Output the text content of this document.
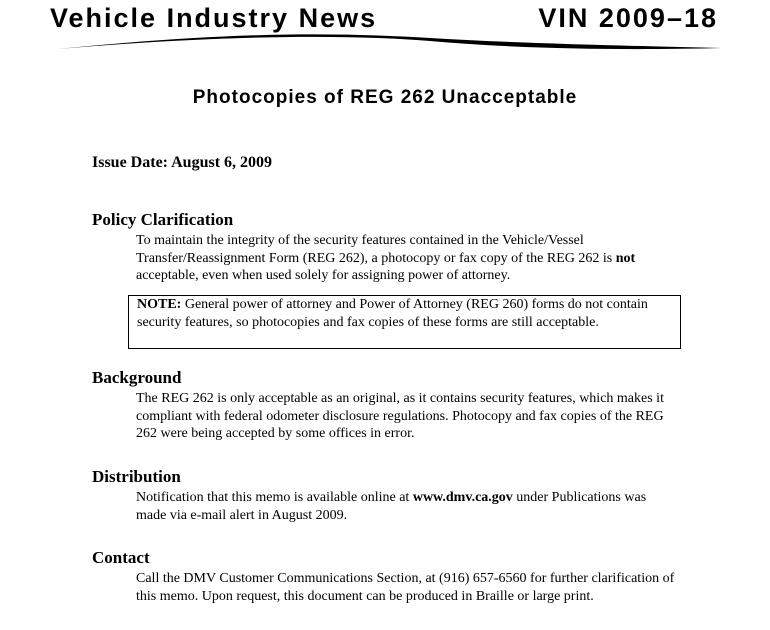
Vehicle Industry News	VIN 2009–18
Photocopies of REG 262 Unacceptable
Issue Date: August 6, 2009
Policy Clarification
To maintain the integrity of the security features contained in the Vehicle/Vessel Transfer/Reassignment Form (REG 262), a photocopy or fax copy of the REG 262 is not acceptable, even when used solely for assigning power of attorney.
NOTE: General power of attorney and Power of Attorney (REG 260) forms do not contain security features, so photocopies and fax copies of these forms are still acceptable.
Background
The REG 262 is only acceptable as an original, as it contains security features, which makes it compliant with federal odometer disclosure regulations. Photocopy and fax copies of the REG 262 were being accepted by some offices in error.
Distribution
Notification that this memo is available online at www.dmv.ca.gov under Publications was made via e-mail alert in August 2009.
Contact
Call the DMV Customer Communications Section, at (916) 657-6560 for further clarification of this memo. Upon request, this document can be produced in Braille or large print.
